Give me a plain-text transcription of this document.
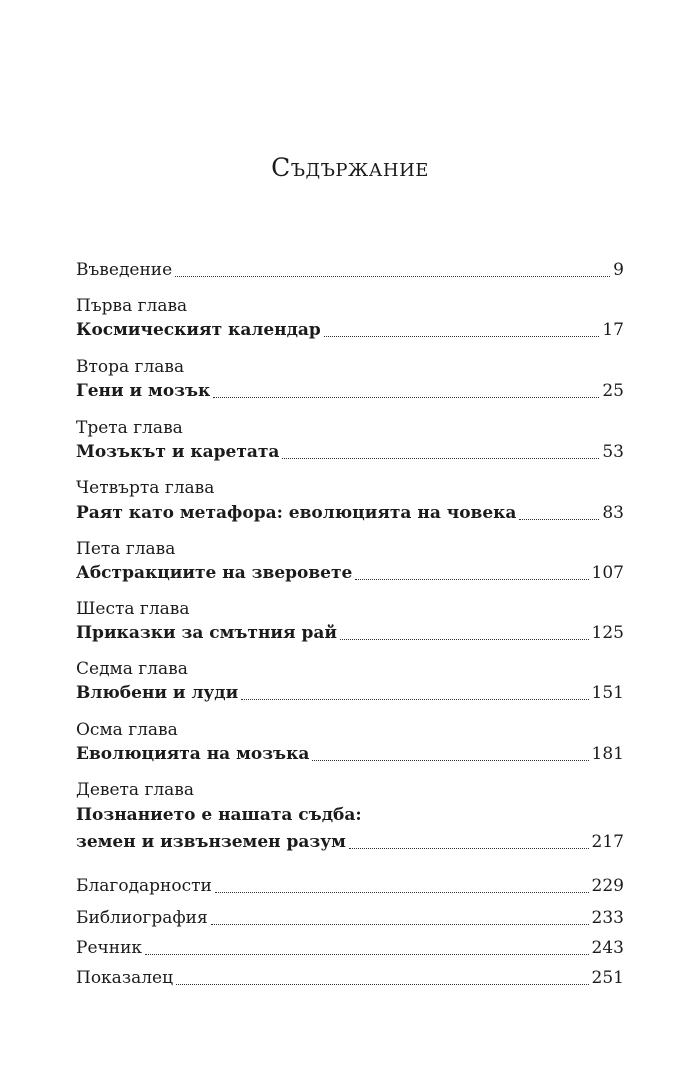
Съдържание
Въведение	9
Първа глава
Космическият календар	17
Втора глава
Гени и мозък	25
Трета глава
Мозъкът и каретата	53
Четвърта глава
Раят като метафора: еволюцията на човека	83
Пета глава
Абстракциите на зверовете	107
Шеста глава
Приказки за смътния рай	125
Седма глава
Влюбени и луди	151
Осма глава
Еволюцията на мозъка	181
Девета глава
Познанието е нашата съдба:
земен и извънземен разум	217
Благодарности	229
Библиография	233
Речник	243
Показалец	251
